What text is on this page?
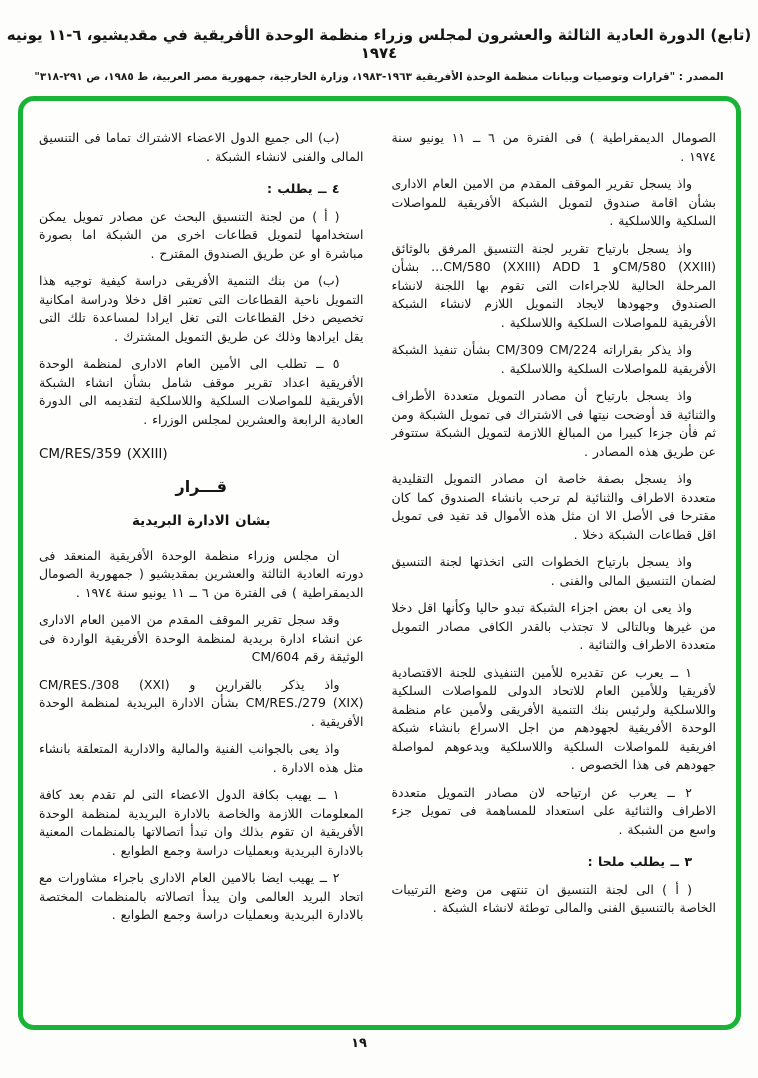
(تابع) الدورة العادية الثالثة والعشرون لمجلس وزراء منظمة الوحدة الأفريقية في مقديشيو، ٦-١١ يونيه ١٩٧٤
المصدر : "قرارات وتوصيات وبيانات منظمة الوحدة الأفريقية ١٩٦٣-١٩٨٣، وزارة الخارجية، جمهورية مصر العربية، ط ١٩٨٥، ص ٢٩١-٣١٨"

الصومال الديمقراطية ) فى الفترة من ٦ ــ ١١ يونيو سنة ١٩٧٤ .

واذ يسجل تقرير الموقف المقدم من الامين العام الادارى بشأن اقامة صندوق لتمويل الشبكة الأفريقية للمواصلات السلكية واللاسلكية .

واذ يسجل بارتياح تقرير لجنة التنسيق المرفق بالوثائق CM/580 (XXIII)و CM/580 (XXIII) ADD 1... بشأن المرحلة الحالية للاجراءات التى تقوم بها اللجنة لانشاء الصندوق وجهودها لايجاد التمويل اللازم لانشاء الشبكة الأفريقية للمواصلات السلكية واللاسلكية .

واذ يذكر بقراراته CM/309 CM/224 بشأن تنفيذ الشبكة الأفريقية للمواصلات السلكية واللاسلكية .

واذ يسجل بارتياح أن مصادر التمويل متعددة الأطراف والثنائية قد أوضحت نيتها فى الاشتراك فى تمويل الشبكة ومن ثم فأن جزءا كبيرا من المبالغ اللازمة لتمويل الشبكة ستتوفر عن طريق هذه المصادر .

واذ يسجل بصفة خاصة ان مصادر التمويل التقليدية متعددة الاطراف والثنائية لم ترحب بانشاء الصندوق كما كان مقترحا فى الأصل الا ان مثل هذه الأموال قد تفيد فى تمويل اقل قطاعات الشبكة دخلا .

واذ يسجل بارتياح الخطوات التى اتخذتها لجنة التنسيق لضمان التنسيق المالى والفنى .

واذ يعى ان بعض اجزاء الشبكة تبدو حاليا وكأنها اقل دخلا من غيرها وبالتالى لا تجتذب بالقدر الكافى مصادر التمويل متعددة الاطراف والثنائية .

١ ــ يعرب عن تقديره للأمين التنفيذى للجنة الاقتصادية لأفريقيا وللأمين العام للاتحاد الدولى للمواصلات السلكية واللاسلكية ولرئيس بنك التنمية الأفريقى ولأمين عام منظمة الوحدة الأفريقية لجهودهم من اجل الاسراع بانشاء شبكة افريقية للمواصلات السلكية واللاسلكية ويدعوهم لمواصلة جهودهم فى هذا الخصوص .

٢ ــ يعرب عن ارتياحه لان مصادر التمويل متعددة الاطراف والثنائية على استعداد للمساهمة فى تمويل جزء واسع من الشبكة .

٣ ــ يطلب ملحا :

( أ ) الى لجنة التنسيق ان تنتهى من وضع الترتيبات الخاصة بالتنسيق الفنى والمالى توطئة لانشاء الشبكة .

(ب) الى جميع الدول الاعضاء الاشتراك تماما فى التنسيق المالى والفنى لانشاء الشبكة .

٤ ــ يطلب :

( أ ) من لجنة التنسيق البحث عن مصادر تمويل يمكن استخدامها لتمويل قطاعات اخرى من الشبكة اما بصورة مباشرة او عن طريق الصندوق المقترح .

(ب) من بنك التنمية الأفريقى دراسة كيفية توجيه هذا التمويل ناحية القطاعات التى تعتبر اقل دخلا ودراسة امكانية تخصيص دخل القطاعات التى تغل ايرادا لمساعدة تلك التى يقل ايرادها وذلك عن طريق التمويل المشترك .

٥ ــ تطلب الى الأمين العام الادارى لمنظمة الوحدة الأفريقية اعداد تقرير موقف شامل بشأن انشاء الشبكة الأفريقية للمواصلات السلكية واللاسلكية لتقديمه الى الدورة العادية الرابعة والعشرين لمجلس الوزراء .

CM/RES/359 (XXIII)

قـــرار

بشان الادارة البريدية

ان مجلس وزراء منظمة الوحدة الأفريقية المنعقد فى دورته العادية الثالثة والعشرين بمقديشيو ( جمهورية الصومال الديمقراطية ) فى الفترة من ٦ ــ ١١ يونيو سنة ١٩٧٤ .

وقد سجل تقرير الموقف المقدم من الامين العام الادارى عن انشاء ادارة بريدية لمنظمة الوحدة الأفريقية الواردة فى الوثيقة رقم CM/604

واذ يذكر بالقرارين و CM/RES./308 (XXI) CM/RES./279 (XIX) بشأن الادارة البريدية لمنظمة الوحدة الأفريقية .

واذ يعى بالجوانب الفنية والمالية والادارية المتعلقة بانشاء مثل هذه الادارة .

١ ــ يهيب بكافة الدول الاعضاء التى لم تقدم بعد كافة المعلومات اللازمة والخاصة بالادارة البريدية لمنظمة الوحدة الأفريقية ان تقوم بذلك وان تبدأ اتصالاتها بالمنظمات المعنية بالادارة البريدية وبعمليات دراسة وجمع الطوابع .

٢ ــ يهيب ايضا بالامين العام الادارى باجراء مشاورات مع اتحاد البريد العالمى وان يبدأ اتصالاته بالمنظمات المختصة بالادارة البريدية وبعمليات دراسة وجمع الطوابع .

١٩
